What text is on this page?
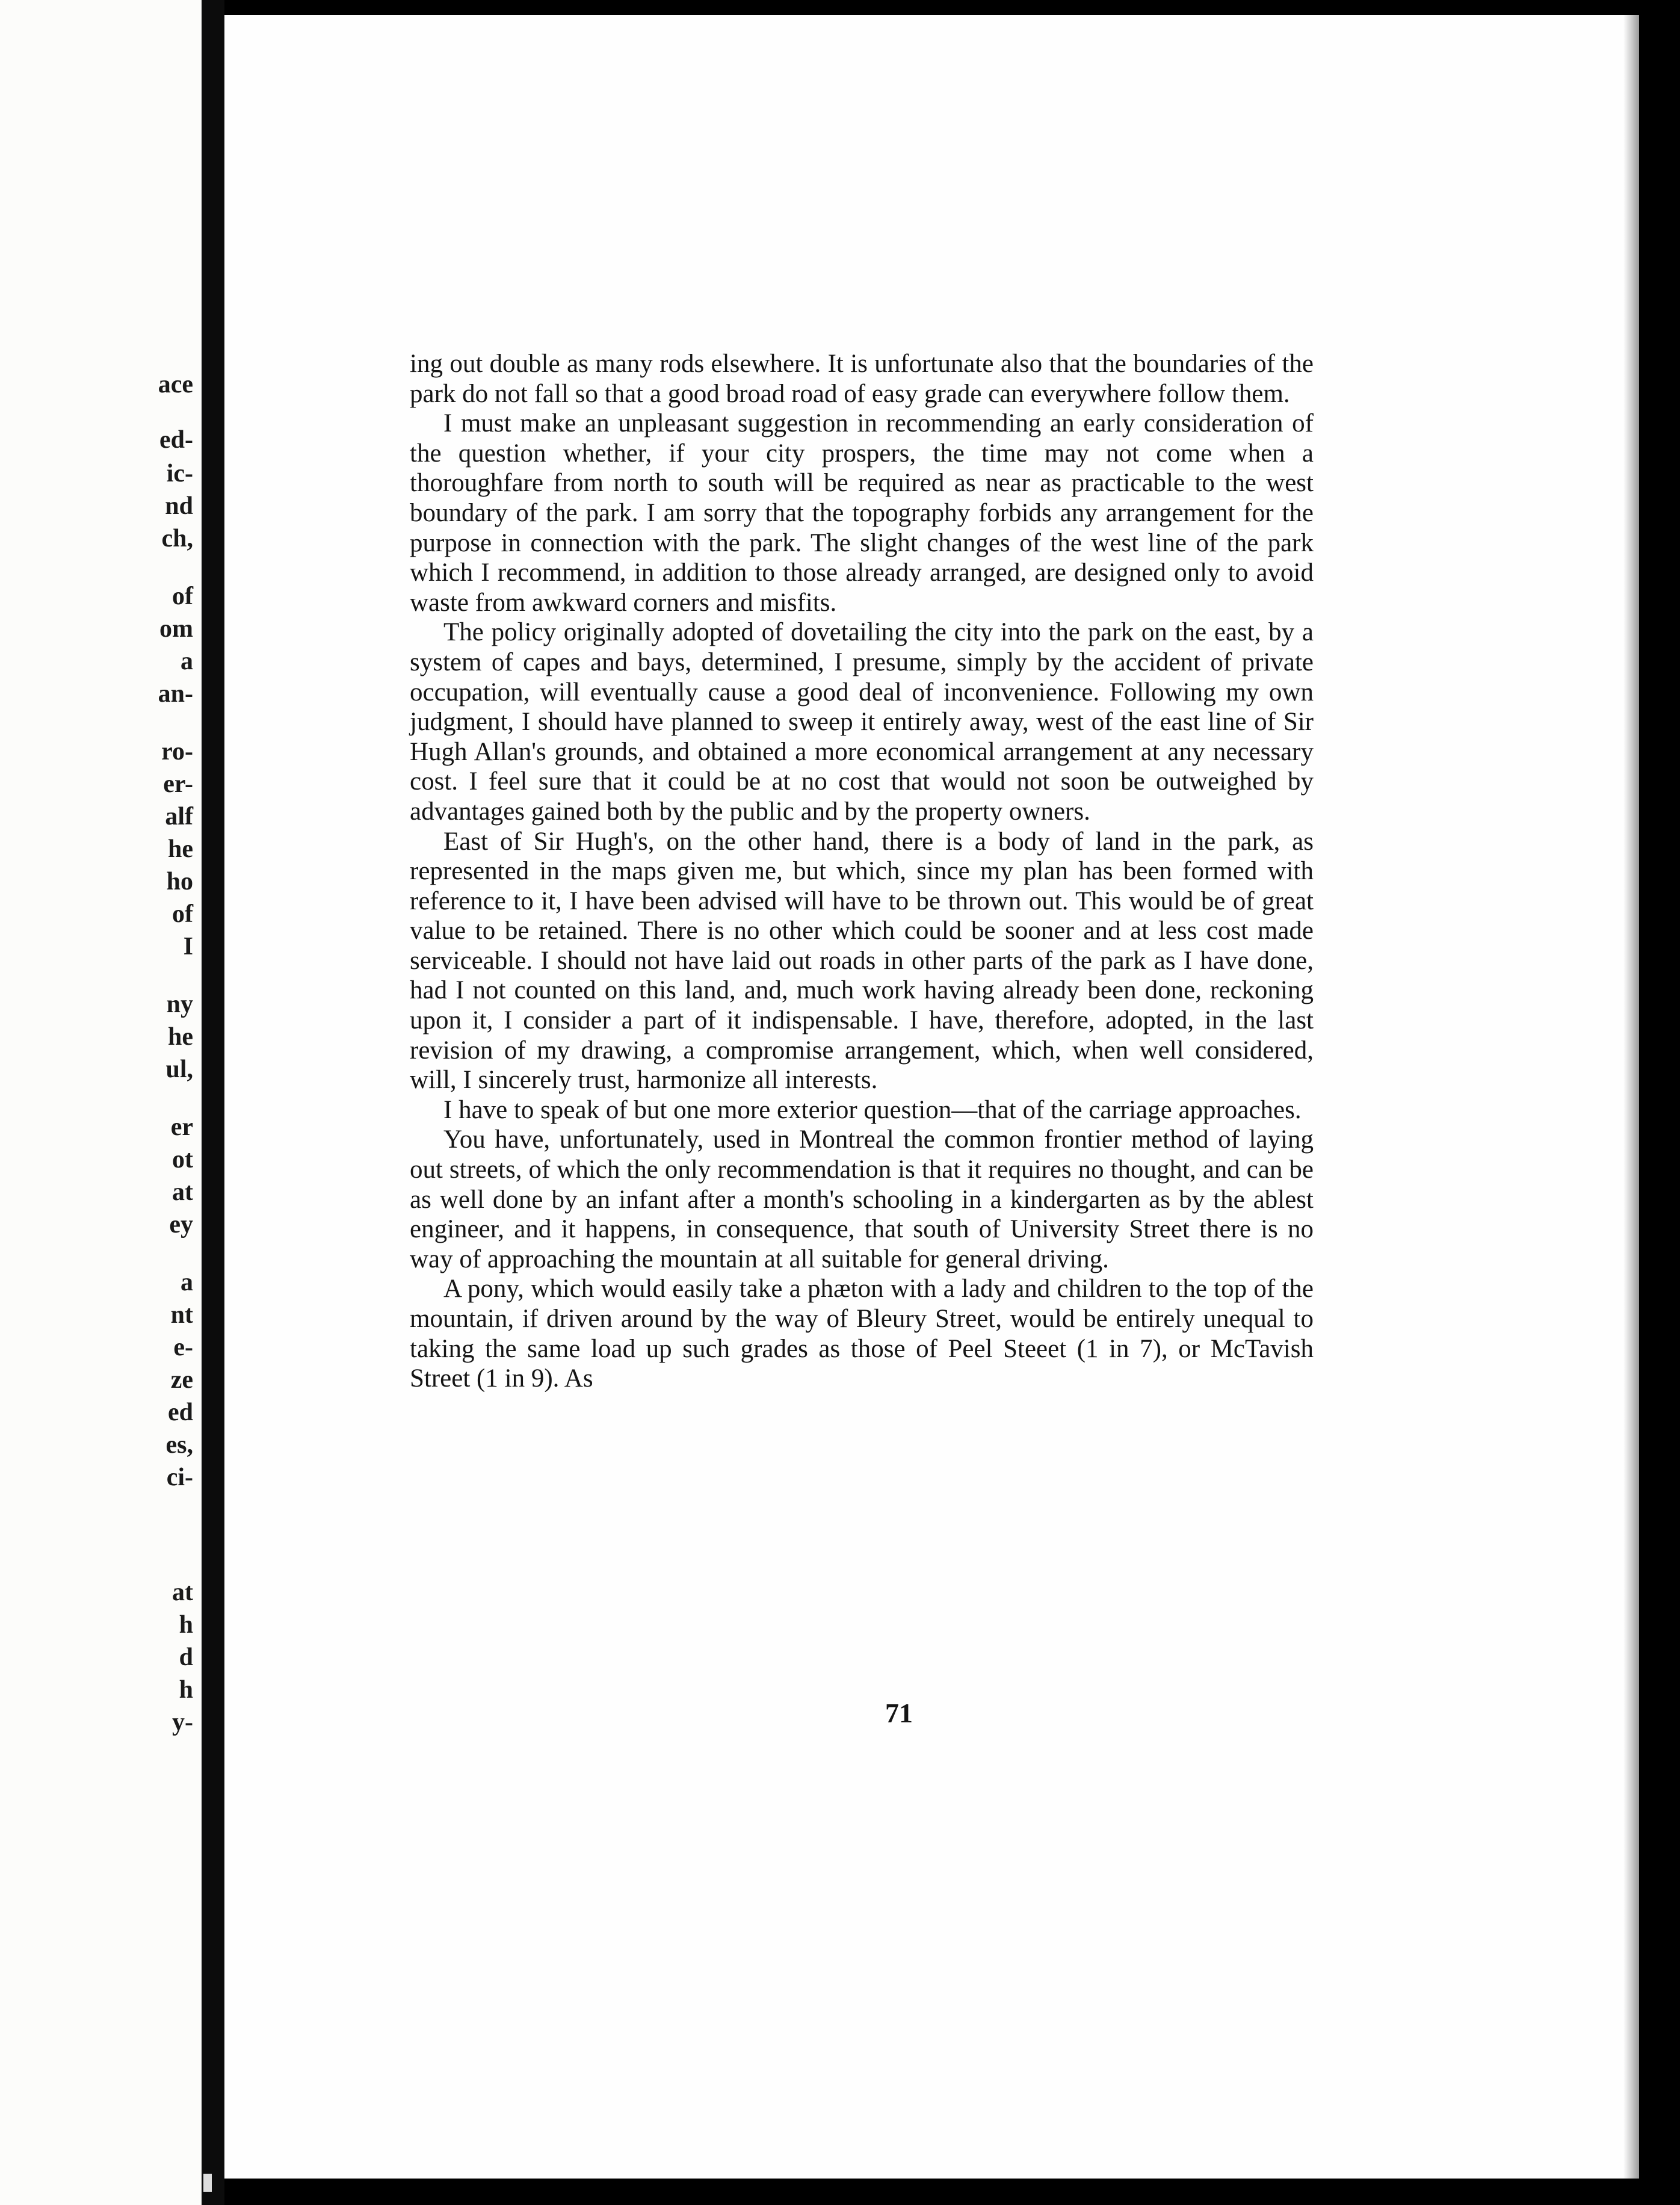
ace
ed-
ic-
nd
ch,
of
om
a
an-
ro-
er-
alf
he
ho
of
I
ny
he
ul,
er
ot
at
ey
a
nt
e-
ze
ed
es,
ci-
at
h
d
h
y-

ing out double as many rods elsewhere. It is unfortunate also that the boundaries of the park do not fall so that a good broad road of easy grade can everywhere follow them.

I must make an unpleasant suggestion in recommending an early consideration of the question whether, if your city prospers, the time may not come when a thoroughfare from north to south will be required as near as practicable to the west boundary of the park. I am sorry that the topography forbids any arrangement for the purpose in connection with the park. The slight changes of the west line of the park which I recommend, in addition to those already arranged, are designed only to avoid waste from awkward corners and misfits.

The policy originally adopted of dovetailing the city into the park on the east, by a system of capes and bays, determined, I presume, simply by the accident of private occupation, will eventually cause a good deal of inconvenience. Following my own judgment, I should have planned to sweep it entirely away, west of the east line of Sir Hugh Allan's grounds, and obtained a more economical arrangement at any necessary cost. I feel sure that it could be at no cost that would not soon be outweighed by advantages gained both by the public and by the property owners.

East of Sir Hugh's, on the other hand, there is a body of land in the park, as represented in the maps given me, but which, since my plan has been formed with reference to it, I have been advised will have to be thrown out. This would be of great value to be retained. There is no other which could be sooner and at less cost made serviceable. I should not have laid out roads in other parts of the park as I have done, had I not counted on this land, and, much work having already been done, reckoning upon it, I consider a part of it indispensable. I have, therefore, adopted, in the last revision of my drawing, a compromise arrangement, which, when well considered, will, I sincerely trust, harmonize all interests.

I have to speak of but one more exterior question—that of the carriage approaches.

You have, unfortunately, used in Montreal the common frontier method of laying out streets, of which the only recommendation is that it requires no thought, and can be as well done by an infant after a month's schooling in a kindergarten as by the ablest engineer, and it happens, in consequence, that south of University Street there is no way of approaching the mountain at all suitable for general driving.

A pony, which would easily take a phæton with a lady and children to the top of the mountain, if driven around by the way of Bleury Street, would be entirely unequal to taking the same load up such grades as those of Peel Steeet (1 in 7), or McTavish Street (1 in 9). As

71
